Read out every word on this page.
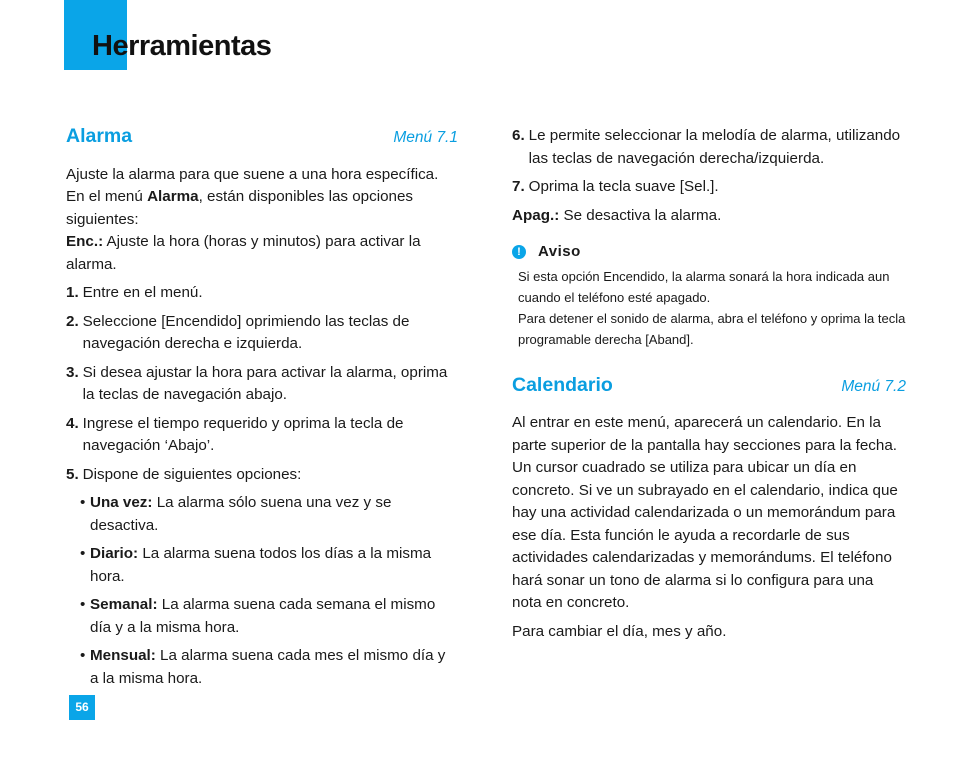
Herramientas
Alarma	Menú 7.1

Ajuste la alarma para que suene a una hora específica. En el menú Alarma, están disponibles las opciones siguientes:

Enc.: Ajuste la hora (horas y minutos) para activar la alarma.

1. Entre en el menú.
2. Seleccione [Encendido] oprimiendo las teclas de navegación derecha e izquierda.
3. Si desea ajustar la hora para activar la alarma, oprima la teclas de navegación abajo.
4. Ingrese el tiempo requerido y oprima la tecla de navegación ‘Abajo’.
5. Dispone de siguientes opciones:
• Una vez: La alarma sólo suena una vez y se desactiva.
• Diario: La alarma suena todos los días a la misma hora.
• Semanal: La alarma suena cada semana el mismo día y a la misma hora.
• Mensual: La alarma suena cada mes el mismo día y a la misma hora.
6. Le permite seleccionar la melodía de alarma, utilizando las teclas de navegación derecha/izquierda.
7. Oprima la tecla suave [Sel.].

Apag.: Se desactiva la alarma.

!	Aviso

Si esta opción Encendido, la alarma sonará la hora indicada aun cuando el teléfono esté apagado.

Para detener el sonido de alarma, abra el teléfono y oprima la tecla programable derecha [Aband].

Calendario	Menú 7.2

Al entrar en este menú, aparecerá un calendario. En la parte superior de la pantalla hay secciones para la fecha. Un cursor cuadrado se utiliza para ubicar un día en concreto. Si ve un subrayado en el calendario, indica que hay una actividad calendarizada o un memorándum para ese día. Esta función le ayuda a recordarle de sus actividades calendarizadas y memorándums. El teléfono hará sonar un tono de alarma si lo configura para una nota en concreto.

Para cambiar el día, mes y año.

56
